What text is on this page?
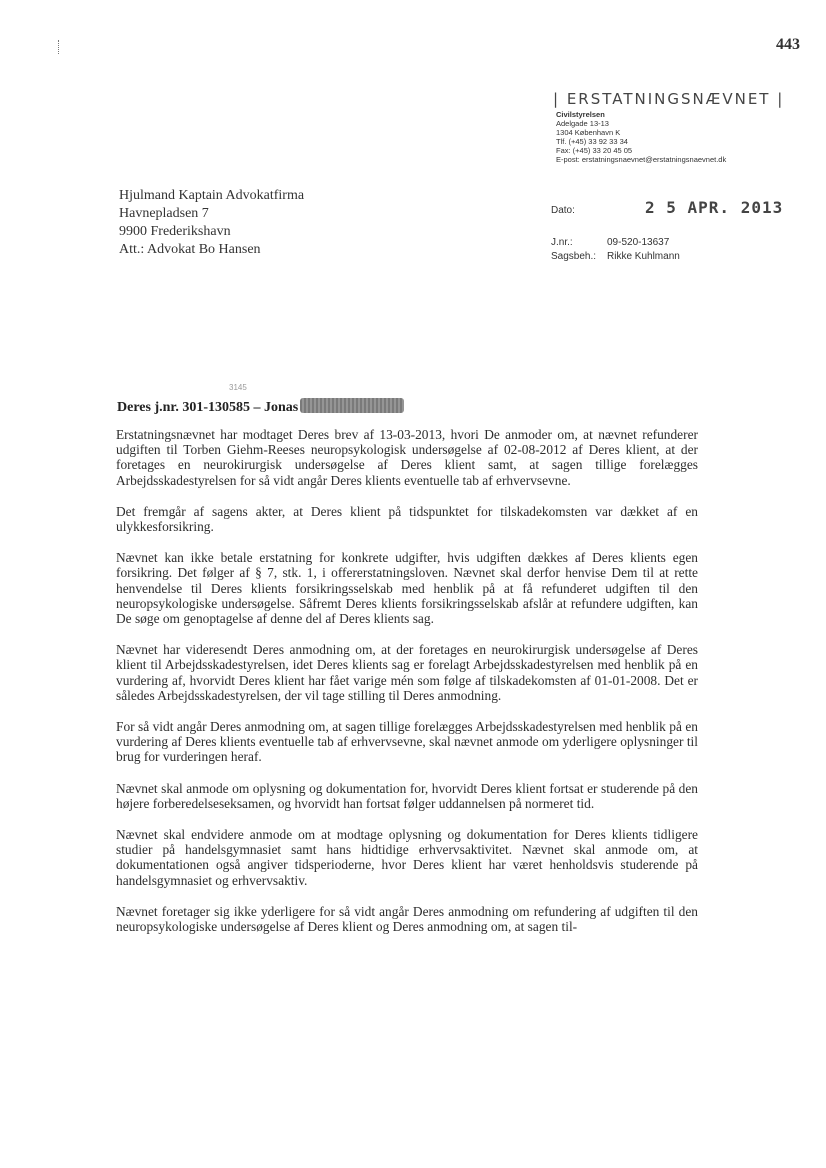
443
| ERSTATNINGSNÆVNET |
Civilstyrelsen
Adelgade 13-13
1304 København K
Tlf. (+45) 33 92 33 34
Fax: (+45) 33 20 45 05
E-post: erstatningsnaevnet@erstatningsnaevnet.dk
Hjulmand Kaptain Advokatfirma
Havnepladsen 7
9900 Frederikshavn
Att.: Advokat Bo Hansen
Dato:	2 5 APR. 2013
J.nr.:	09-520-13637
Sagsbeh.: Rikke Kuhlmann
3145
Deres j.nr. 301-130585 – Jonas

Erstatningsnævnet har modtaget Deres brev af 13-03-2013, hvori De anmoder om, at nævnet refunderer udgiften til Torben Giehm-Reeses neuropsykologisk undersøgelse af 02-08-2012 af Deres klient, at der foretages en neurokirurgisk undersøgelse af Deres klient samt, at sagen tillige forelægges Arbejdsskadestyrelsen for så vidt angår Deres klients eventuelle tab af erhvervsevne.

Det fremgår af sagens akter, at Deres klient på tidspunktet for tilskadekomsten var dækket af en ulykkesforsikring.

Nævnet kan ikke betale erstatning for konkrete udgifter, hvis udgiften dækkes af Deres klients egen forsikring. Det følger af § 7, stk. 1, i offererstatningsloven. Nævnet skal derfor henvise Dem til at rette henvendelse til Deres klients forsikringsselskab med henblik på at få refunderet udgiften til den neuropsykologiske undersøgelse. Såfremt Deres klients forsikringsselskab afslår at refundere udgiften, kan De søge om genoptagelse af denne del af Deres klients sag.

Nævnet har videresendt Deres anmodning om, at der foretages en neurokirurgisk undersøgelse af Deres klient til Arbejdsskadestyrelsen, idet Deres klients sag er forelagt Arbejdsskadestyrelsen med henblik på en vurdering af, hvorvidt Deres klient har fået varige mén som følge af tilskadekomsten af 01-01-2008. Det er således Arbejdsskadestyrelsen, der vil tage stilling til Deres anmodning.

For så vidt angår Deres anmodning om, at sagen tillige forelægges Arbejdsskadestyrelsen med henblik på en vurdering af Deres klients eventuelle tab af erhvervsevne, skal nævnet anmode om yderligere oplysninger til brug for vurderingen heraf.

Nævnet skal anmode om oplysning og dokumentation for, hvorvidt Deres klient fortsat er studerende på den højere forberedelseseksamen, og hvorvidt han fortsat følger uddannelsen på normeret tid.

Nævnet skal endvidere anmode om at modtage oplysning og dokumentation for Deres klients tidligere studier på handelsgymnasiet samt hans hidtidige erhvervsaktivitet. Nævnet skal anmode om, at dokumentationen også angiver tidsperioderne, hvor Deres klient har været henholdsvis studerende på handelsgymnasiet og erhvervsaktiv.

Nævnet foretager sig ikke yderligere for så vidt angår Deres anmodning om refundering af udgiften til den neuropsykologiske undersøgelse af Deres klient og Deres anmodning om, at sagen til-
